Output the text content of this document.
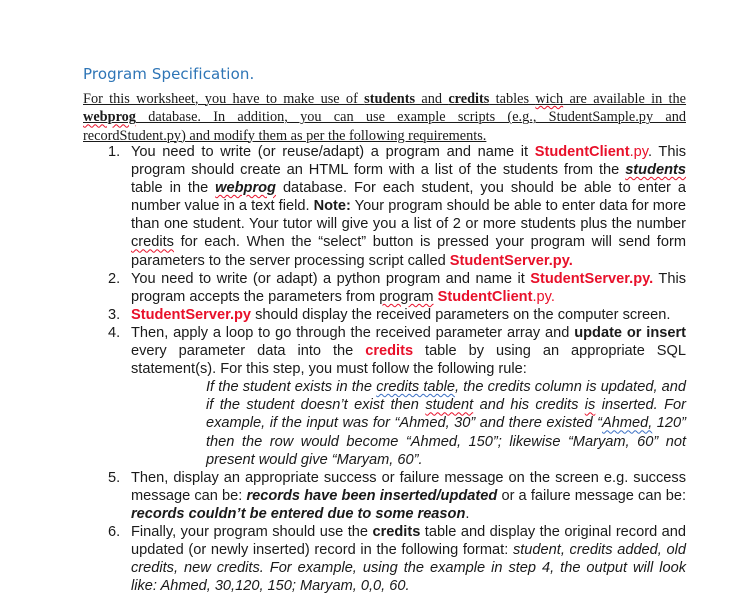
Program Specification.
For this worksheet, you have to make use of students and credits tables wich are available in the webprog database. In addition, you can use example scripts (e.g., StudentSample.py and recordStudent.py) and modify them as per the following requirements.
1. You need to write (or reuse/adapt) a program and name it StudentClient.py. This program should create an HTML form with a list of the students from the students table in the webprog database. For each student, you should be able to enter a number value in a text field. Note: Your program should be able to enter data for more than one student. Your tutor will give you a list of 2 or more students plus the number credits for each. When the “select” button is pressed your program will send form parameters to the server processing script called StudentServer.py.
2. You need to write (or adapt) a python program and name it StudentServer.py. This program accepts the parameters from program StudentClient.py.
3. StudentServer.py should display the received parameters on the computer screen.
4. Then, apply a loop to go through the received parameter array and update or insert every parameter data into the credits table by using an appropriate SQL statement(s). For this step, you must follow the following rule:

If the student exists in the credits table, the credits column is updated, and if the student doesn’t exist then student and his credits is inserted. For example, if the input was for “Ahmed, 30” and there existed “Ahmed, 120” then the row would become “Ahmed, 150”; likewise “Maryam, 60” not present would give “Maryam, 60”.

5. Then, display an appropriate success or failure message on the screen e.g. success message can be: records have been inserted/updated or a failure message can be: records couldn’t be entered due to some reason.
6. Finally, your program should use the credits table and display the original record and updated (or newly inserted) record in the following format: student, credits added, old credits, new credits. For example, using the example in step 4, the output will look like: Ahmed, 30,120, 150; Maryam, 0,0, 60.
